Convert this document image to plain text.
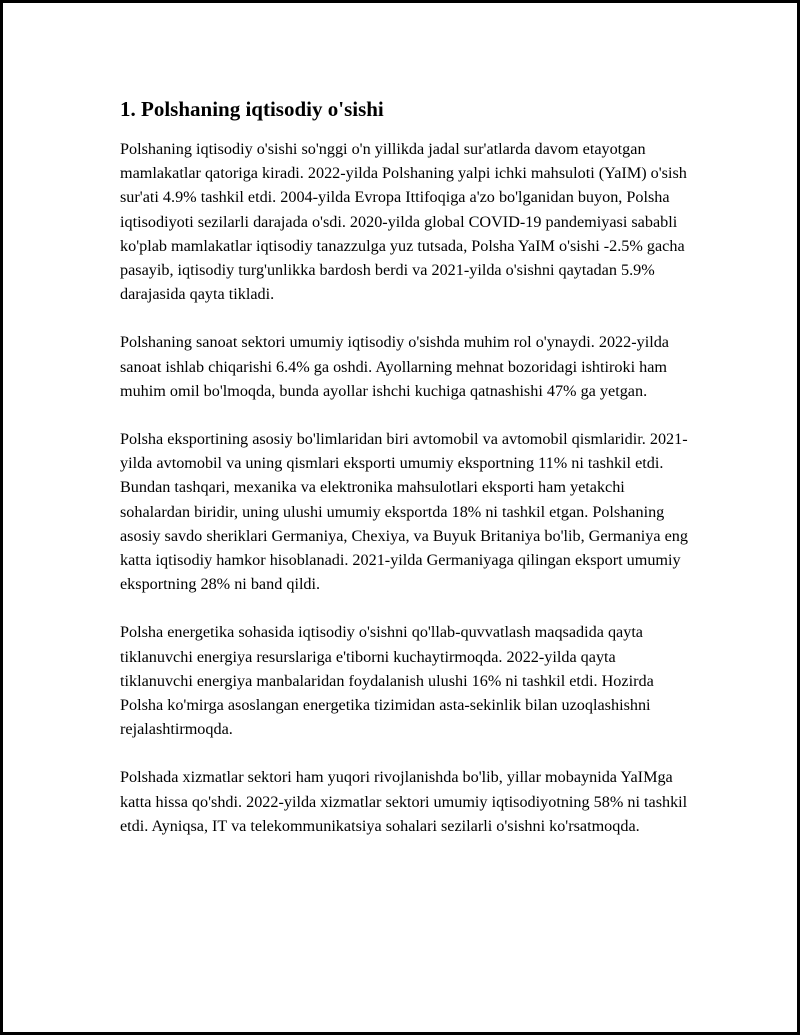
1. Polshaning iqtisodiy o'sishi

Polshaning iqtisodiy o'sishi so'nggi o'n yillikda jadal sur'atlarda davom etayotgan mamlakatlar qatoriga kiradi. 2022-yilda Polshaning yalpi ichki mahsuloti (YaIM) o'sish sur'ati 4.9% tashkil etdi. 2004-yilda Evropa Ittifoqiga a'zo bo'lganidan buyon, Polsha iqtisodiyoti sezilarli darajada o'sdi. 2020-yilda global COVID-19 pandemiyasi sababli ko'plab mamlakatlar iqtisodiy tanazzulga yuz tutsada, Polsha YaIM o'sishi -2.5% gacha pasayib, iqtisodiy turg'unlikka bardosh berdi va 2021-yilda o'sishni qaytadan 5.9% darajasida qayta tikladi.

Polshaning sanoat sektori umumiy iqtisodiy o'sishda muhim rol o'ynaydi. 2022-yilda sanoat ishlab chiqarishi 6.4% ga oshdi. Ayollarning mehnat bozoridagi ishtiroki ham muhim omil bo'lmoqda, bunda ayollar ishchi kuchiga qatnashishi 47% ga yetgan.

Polsha eksportining asosiy bo'limlaridan biri avtomobil va avtomobil qismlaridir. 2021-yilda avtomobil va uning qismlari eksporti umumiy eksportning 11% ni tashkil etdi. Bundan tashqari, mexanika va elektronika mahsulotlari eksporti ham yetakchi sohalardan biridir, uning ulushi umumiy eksportda 18% ni tashkil etgan. Polshaning asosiy savdo sheriklari Germaniya, Chexiya, va Buyuk Britaniya bo'lib, Germaniya eng katta iqtisodiy hamkor hisoblanadi. 2021-yilda Germaniyaga qilingan eksport umumiy eksportning 28% ni band qildi.

Polsha energetika sohasida iqtisodiy o'sishni qo'llab-quvvatlash maqsadida qayta tiklanuvchi energiya resurslariga e'tiborni kuchaytirmoqda. 2022-yilda qayta tiklanuvchi energiya manbalaridan foydalanish ulushi 16% ni tashkil etdi. Hozirda Polsha ko'mirga asoslangan energetika tizimidan asta-sekinlik bilan uzoqlashishni rejalashtirmoqda.

Polshada xizmatlar sektori ham yuqori rivojlanishda bo'lib, yillar mobaynida YaIMga katta hissa qo'shdi. 2022-yilda xizmatlar sektori umumiy iqtisodiyotning 58% ni tashkil etdi. Ayniqsa, IT va telekommunikatsiya sohalari sezilarli o'sishni ko'rsatmoqda.
